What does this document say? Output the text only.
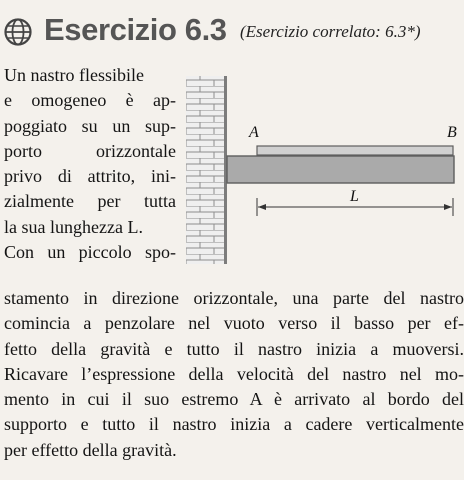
Esercizio 6.3 (Esercizio correlato: 6.3*)
Un nastro flessibile
e omogeneo è ap-
poggiato su un sup-
porto orizzontale
privo di attrito, ini-
zialmente per tutta
la sua lunghezza L.
Con un piccolo spo-
A	B
L
stamento in direzione orizzontale, una parte del nastro
comincia a penzolare nel vuoto verso il basso per ef-
fetto della gravità e tutto il nastro inizia a muoversi.
Ricavare l’espressione della velocità del nastro nel mo-
mento in cui il suo estremo A è arrivato al bordo del
supporto e tutto il nastro inizia a cadere verticalmente
per effetto della gravità.
